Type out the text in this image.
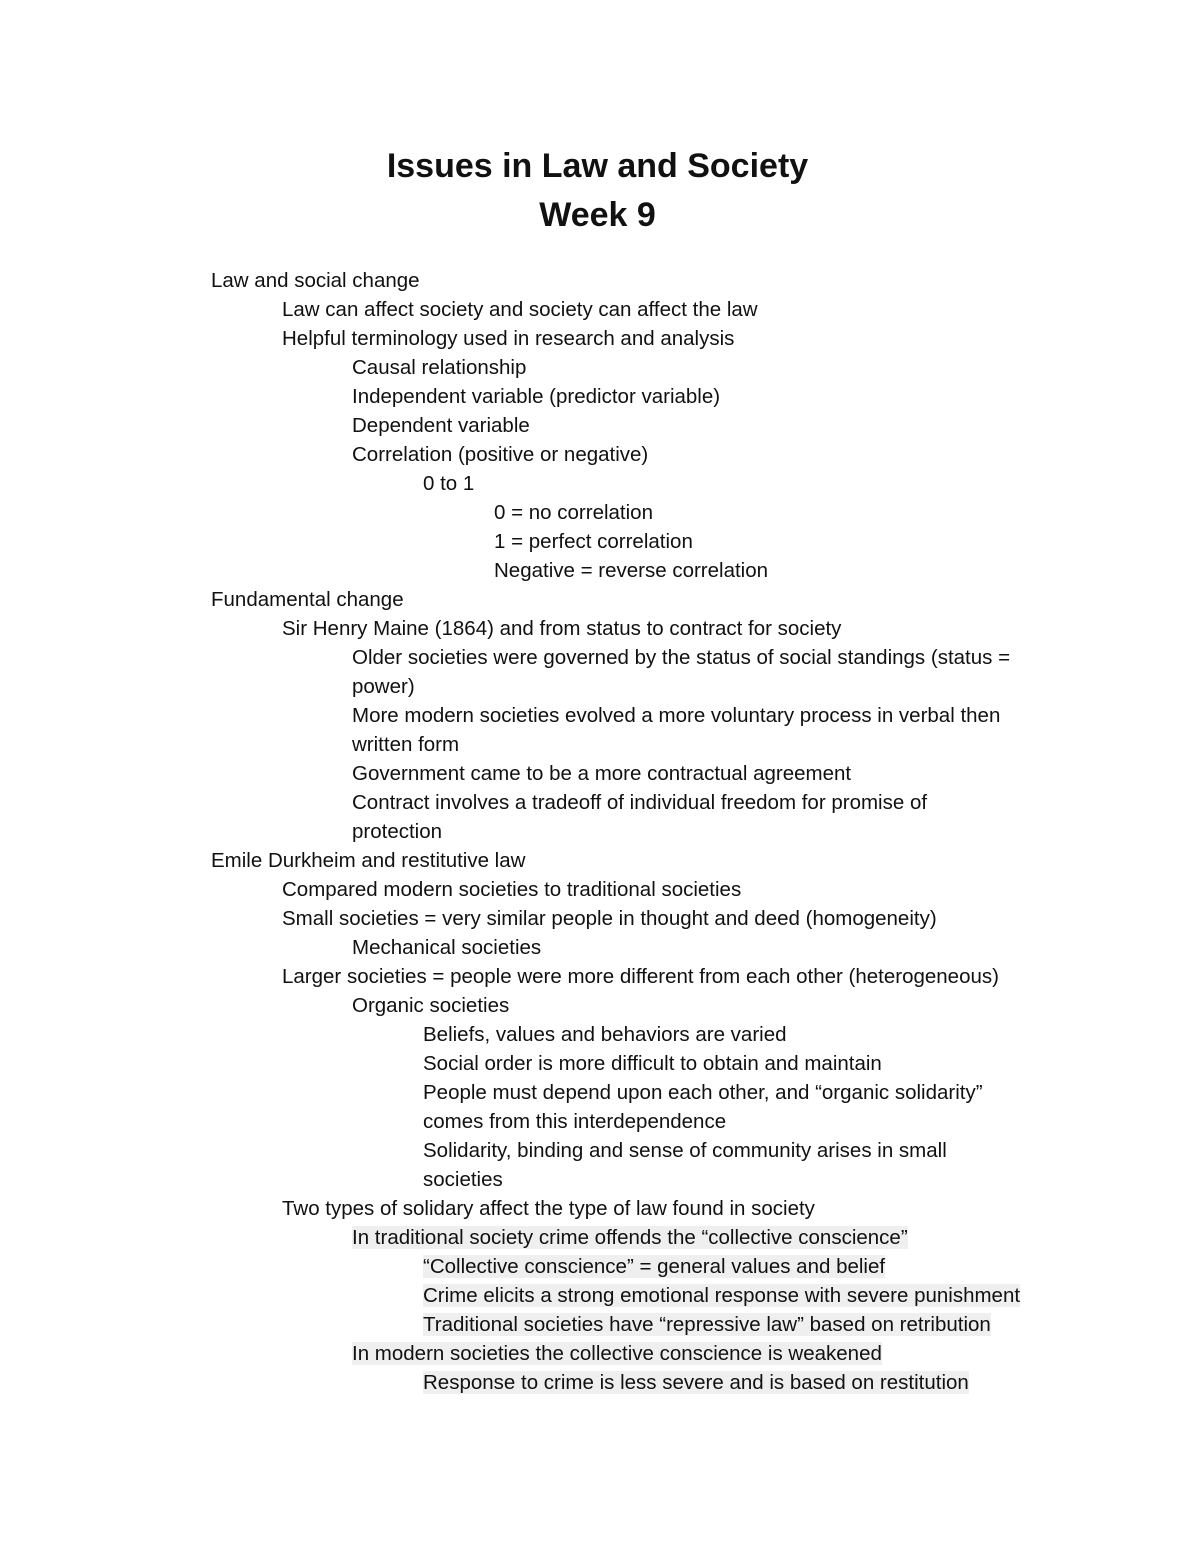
Issues in Law and Society
Week 9
Law and social change
Law can affect society and society can affect the law
Helpful terminology used in research and analysis
Causal relationship
Independent variable (predictor variable)
Dependent variable
Correlation (positive or negative)
0 to 1
0 = no correlation
1 = perfect correlation
Negative = reverse correlation
Fundamental change
Sir Henry Maine (1864) and from status to contract for society
Older societies were governed by the status of social standings (status = power)
More modern societies evolved a more voluntary process in verbal then written form
Government came to be a more contractual agreement
Contract involves a tradeoff of individual freedom for promise of protection
Emile Durkheim and restitutive law
Compared modern societies to traditional societies
Small societies = very similar people in thought and deed (homogeneity)
Mechanical societies
Larger societies = people were more different from each other (heterogeneous)
Organic societies
Beliefs, values and behaviors are varied
Social order is more difficult to obtain and maintain
People must depend upon each other, and “organic solidarity” comes from this interdependence
Solidarity, binding and sense of community arises in small societies
Two types of solidary affect the type of law found in society
In traditional society crime offends the “collective conscience”
“Collective conscience” = general values and belief
Crime elicits a strong emotional response with severe punishment
Traditional societies have “repressive law” based on retribution
In modern societies the collective conscience is weakened
Response to crime is less severe and is based on restitution
